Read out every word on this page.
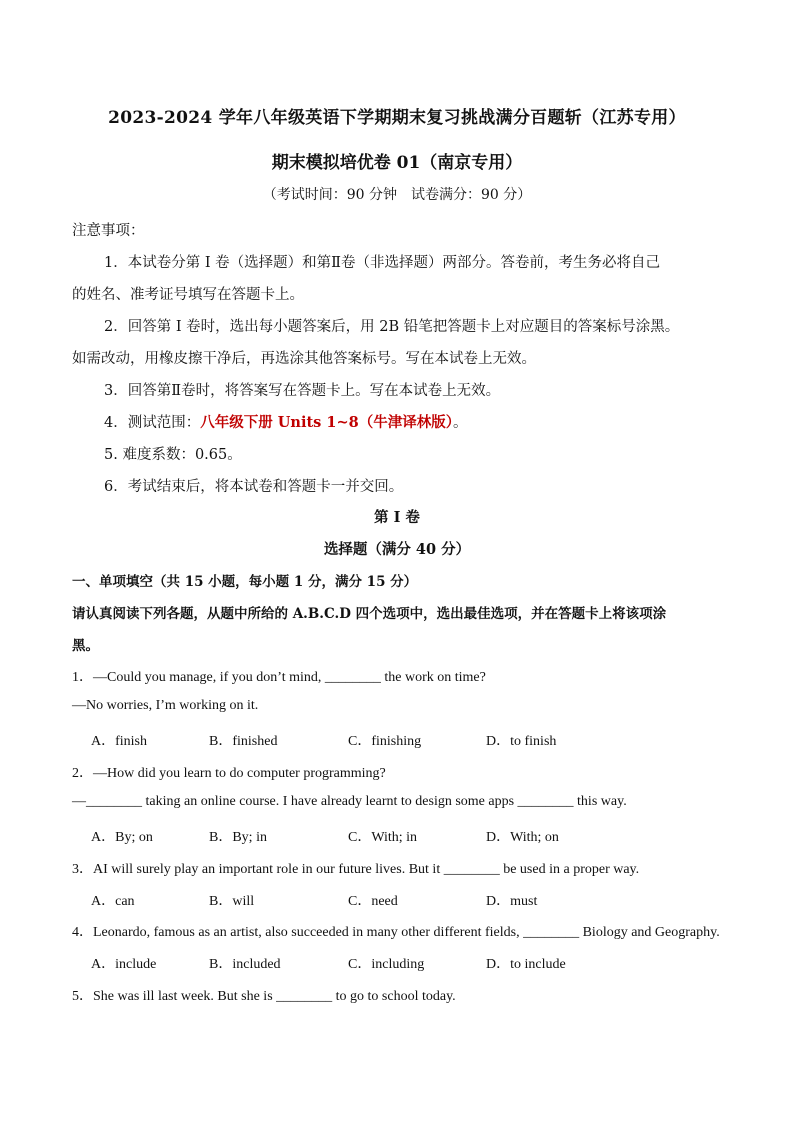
2023-2024 学年八年级英语下学期期末复习挑战满分百题斩（江苏专用）
期末模拟培优卷 01（南京专用）
（考试时间：90 分钟　试卷满分：90 分）
注意事项：
1．本试卷分第 I 卷（选择题）和第Ⅱ卷（非选择题）两部分。答卷前，考生务必将自己
的姓名、准考证号填写在答题卡上。
2．回答第 I 卷时，选出每小题答案后，用 2B 铅笔把答题卡上对应题目的答案标号涂黑。
如需改动，用橡皮擦干净后，再选涂其他答案标号。写在本试卷上无效。
3．回答第Ⅱ卷时，将答案写在答题卡上。写在本试卷上无效。
4．测试范围：八年级下册 Units 1~8（牛津译林版）。
5. 难度系数：0.65。
6．考试结束后，将本试卷和答题卡一并交回。
第 I 卷
选择题（满分 40 分）
一、单项填空（共 15 小题，每小题 1 分，满分 15 分）
请认真阅读下列各题，从题中所给的 A.B.C.D 四个选项中，选出最佳选项，并在答题卡上将该项涂
黑。
1．—Could you manage, if you don’t mind, ________ the work on time?
—No worries, I’m working on it.
A．finish	B．finished	C．finishing	D．to finish
2．—How did you learn to do computer programming?
—________ taking an online course. I have already learnt to design some apps ________ this way.
A．By; on	B．By; in	C．With; in	D．With; on
3．AI will surely play an important role in our future lives. But it ________ be used in a proper way.
A．can	B．will	C．need	D．must
4．Leonardo, famous as an artist, also succeeded in many other different fields, ________ Biology and Geography.
A．include	B．included	C．including	D．to include
5．She was ill last week. But she is ________ to go to school today.
